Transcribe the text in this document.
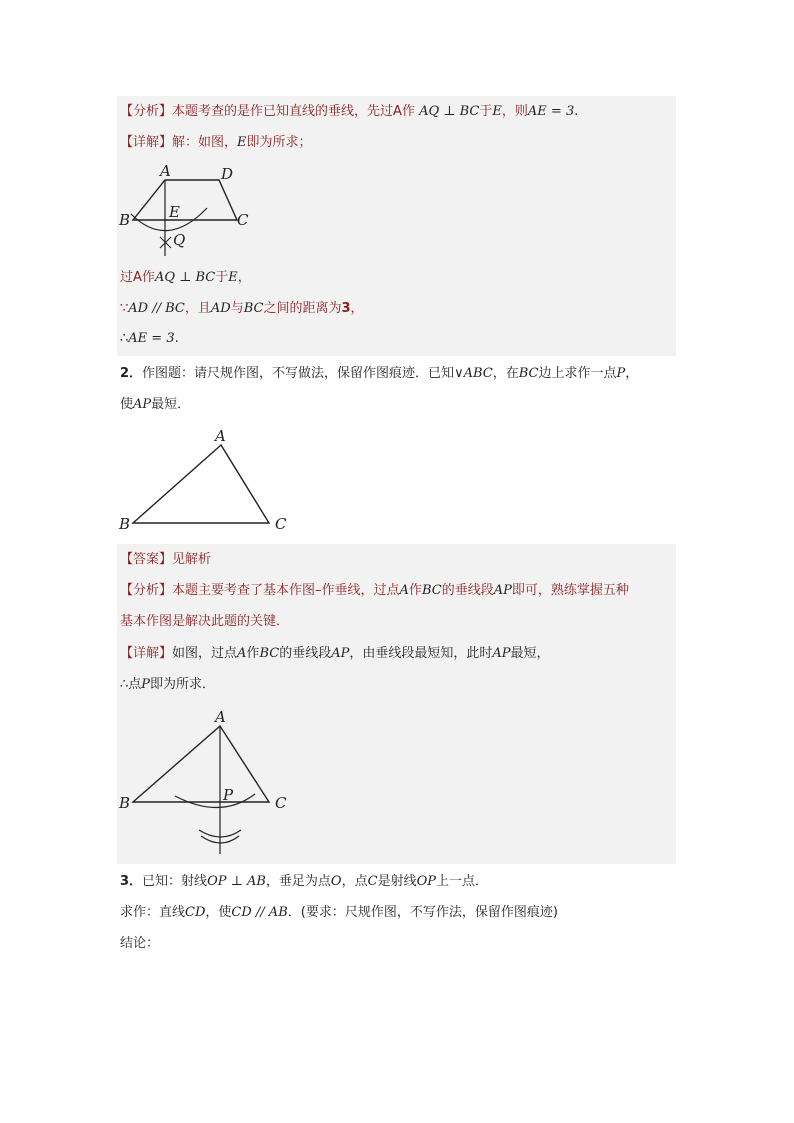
【分析】本题考查的是作已知直线的垂线，先过A作 AQ ⊥ BC于E，则AE = 3.
【详解】解：如图，E即为所求；
A	D
B	E	C
Q
过A作AQ ⊥ BC于E，
∵AD // BC，且AD与BC之间的距离为3，
∴AE = 3.
2．作图题：请尺规作图，不写做法，保留作图痕迹．已知∨ABC，在BC边上求作一点P，
使AP最短．
A
B	C
【答案】见解析
【分析】本题主要考查了基本作图–作垂线，过点A作BC的垂线段AP即可，熟练掌握五种
基本作图是解决此题的关键．
【详解】如图，过点A作BC的垂线段AP，由垂线段最短知，此时AP最短，
∴点P即为所求．
A
B	P	C
3．已知：射线OP ⊥ AB，垂足为点O，点C是射线OP上一点．
求作：直线CD，使CD // AB．(要求：尺规作图，不写作法，保留作图痕迹)
结论：
